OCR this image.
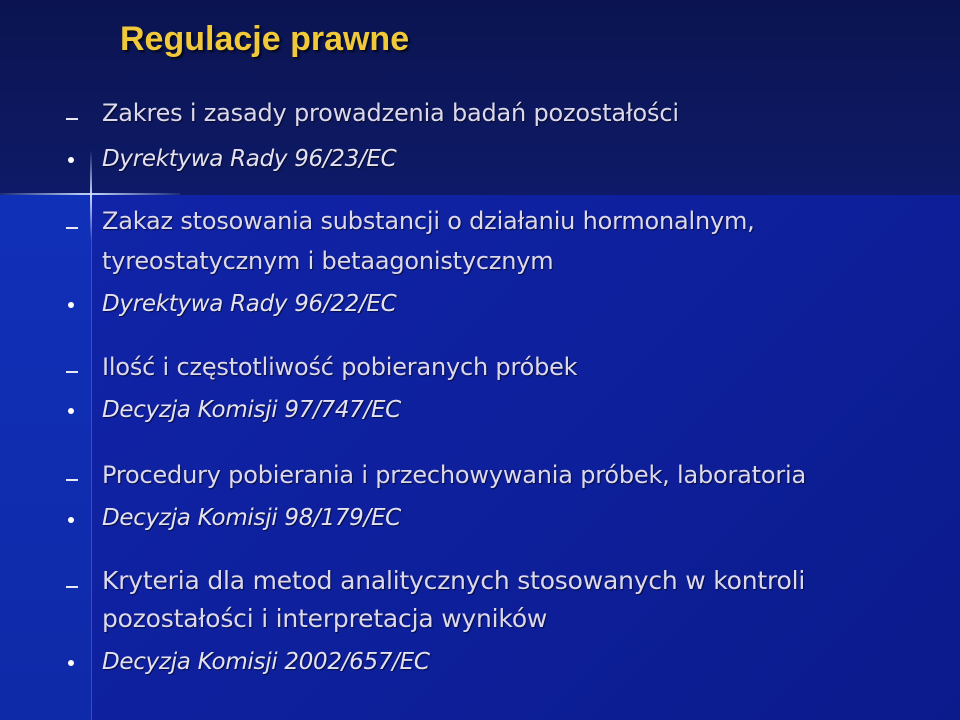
Regulacje prawne
Zakres i zasady prowadzenia badań pozostałości
Dyrektywa Rady 96/23/EC
Zakaz stosowania substancji o działaniu hormonalnym,
tyreostatycznym i betaagonistycznym
Dyrektywa Rady 96/22/EC
Ilość i częstotliwość pobieranych próbek
Decyzja Komisji 97/747/EC
Procedury pobierania i przechowywania próbek, laboratoria
Decyzja Komisji 98/179/EC
Kryteria dla metod analitycznych stosowanych w kontroli
pozostałości i interpretacja wyników
Decyzja Komisji 2002/657/EC
